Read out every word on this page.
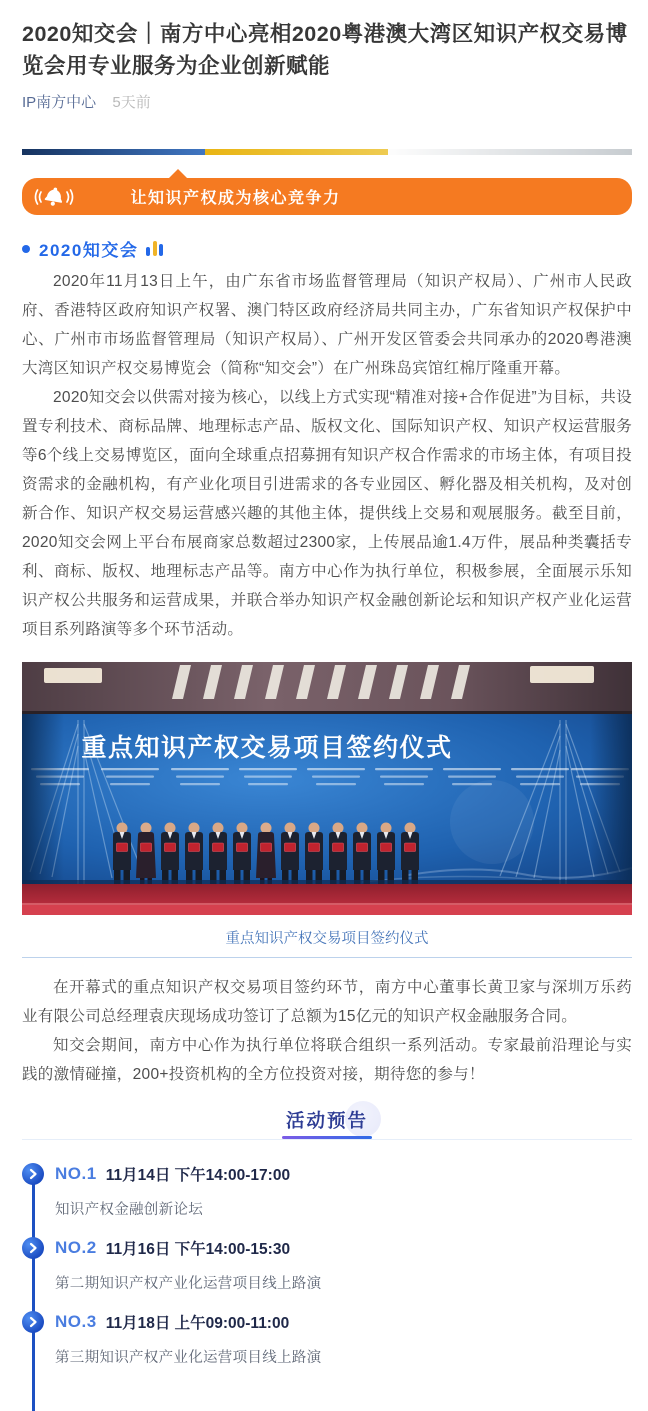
2020知交会｜南方中心亮相2020粤港澳大湾区知识产权交易博览会用专业服务为企业创新赋能
IP南方中心 5天前
让知识产权成为核心竞争力
2020知交会

2020年11月13日上午，由广东省市场监督管理局（知识产权局）、广州市人民政府、香港特区政府知识产权署、澳门特区政府经济局共同主办，广东省知识产权保护中心、广州市市场监督管理局（知识产权局）、广州开发区管委会共同承办的2020粤港澳大湾区知识产权交易博览会（简称“知交会”）在广州珠岛宾馆红棉厅隆重开幕。

2020知交会以供需对接为核心，以线上方式实现“精准对接+合作促进”为目标，共设置专利技术、商标品牌、地理标志产品、版权文化、国际知识产权、知识产权运营服务等6个线上交易博览区，面向全球重点招募拥有知识产权合作需求的市场主体，有项目投资需求的金融机构，有产业化项目引进需求的各专业园区、孵化器及相关机构，及对创新合作、知识产权交易运营感兴趣的其他主体，提供线上交易和观展服务。截至目前，2020知交会网上平台布展商家总数超过2300家，上传展品逾1.4万件，展品种类囊括专利、商标、版权、地理标志产品等。南方中心作为执行单位，积极参展，全面展示乐知识产权公共服务和运营成果，并联合举办知识产权金融创新论坛和知识产权产业化运营项目系列路演等多个环节活动。

重点知识产权交易项目签约仪式
重点知识产权交易项目签约仪式

在开幕式的重点知识产权交易项目签约环节，南方中心董事长黄卫家与深圳万乐药业有限公司总经理袁庆现场成功签订了总额为15亿元的知识产权金融服务合同。

知交会期间，南方中心作为执行单位将联合组织一系列活动。专家最前沿理论与实践的激情碰撞，200+投资机构的全方位投资对接，期待您的参与！

活动预告
NO.1 11月14日 下午14:00-17:00
知识产权金融创新论坛
NO.2 11月16日 下午14:00-15:30
第二期知识产权产业化运营项目线上路演
NO.3 11月18日 上午09:00-11:00
第三期知识产权产业化运营项目线上路演
